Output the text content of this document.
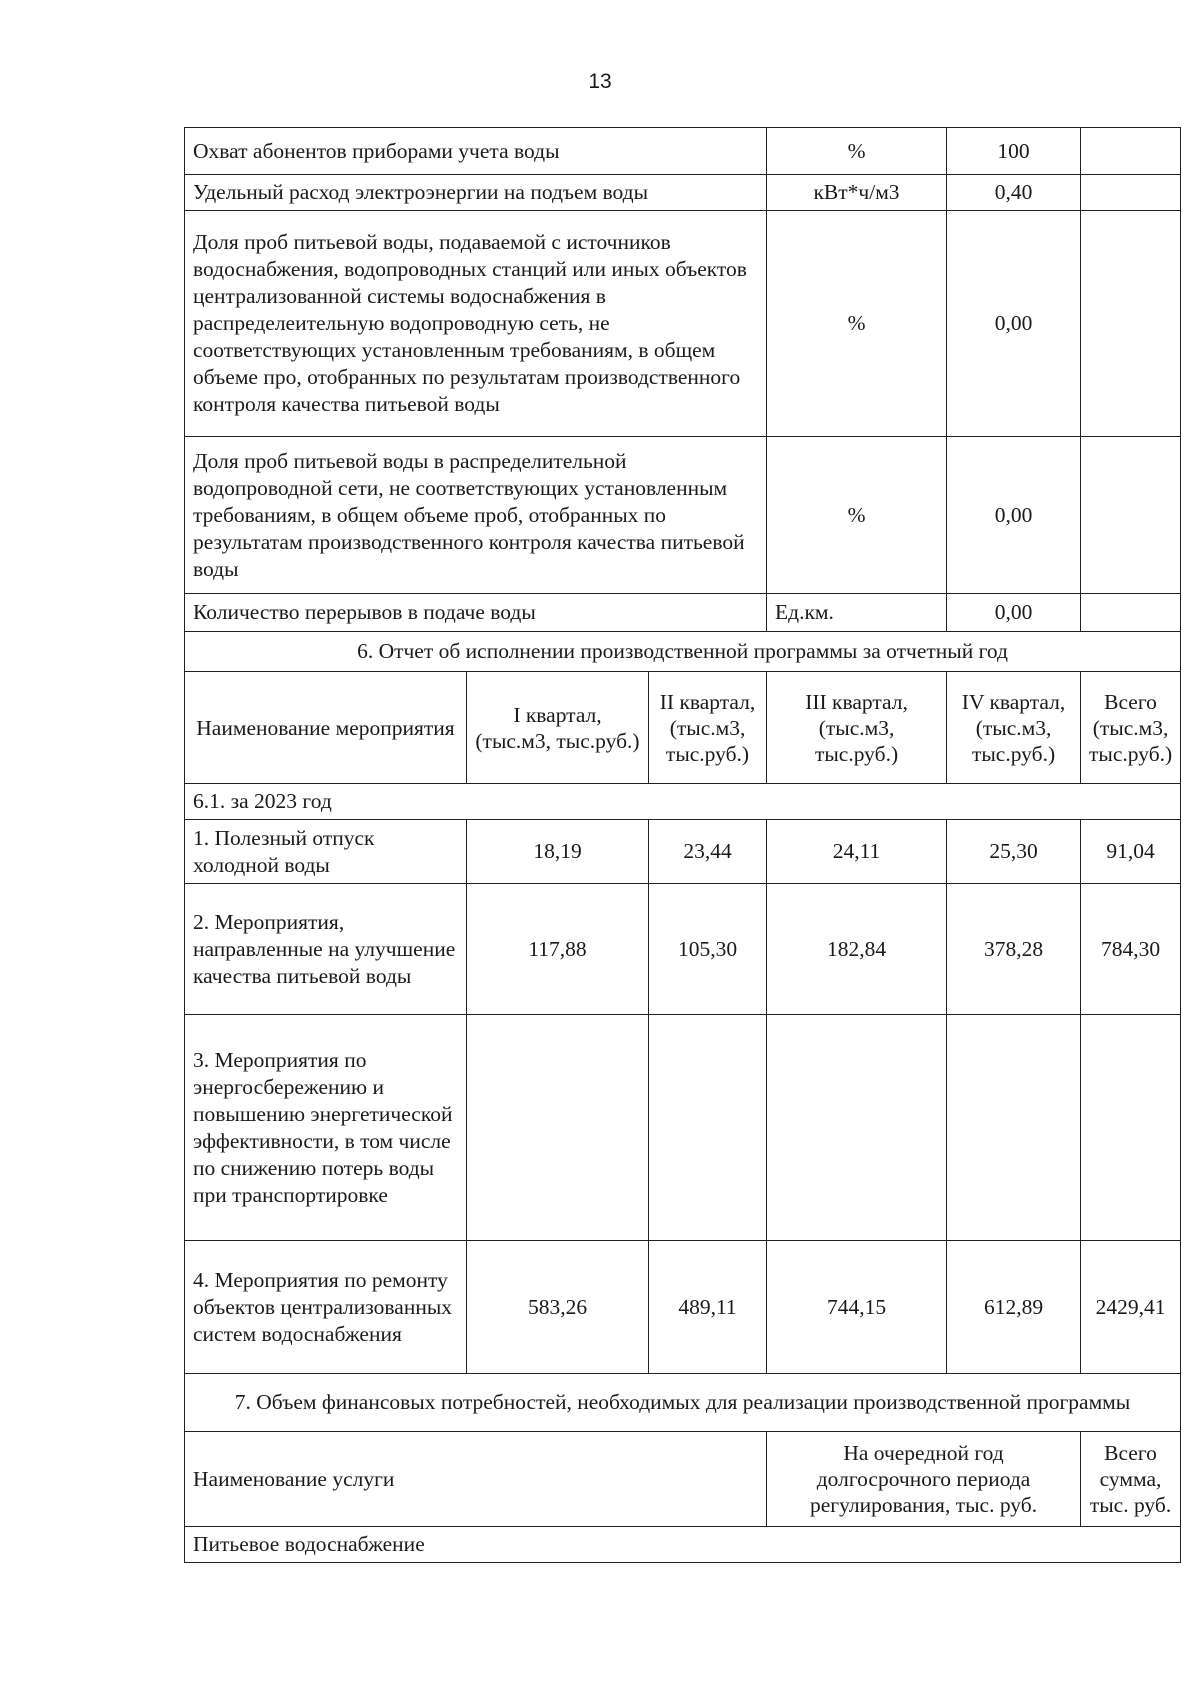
13
Охват абонентов приборами учета воды			%	100	
Удельный расход электроэнергии на подъем воды			кВт*ч/м3	0,40	
Доля проб питьевой воды, подаваемой с источников водоснабжения, водопроводных станций или иных объектов централизованной системы водоснабжения в распределеительную водопроводную сеть, не соответствующих установленным требованиям, в общем объеме про, отобранных по результатам производственного контроля качества питьевой воды			%	0,00	
Доля проб питьевой воды в распределительной водопроводной сети, не соответствующих установленным требованиям, в общем объеме проб, отобранных по результатам производственного контроля качества питьевой воды			%	0,00	
Количество перерывов в подаче воды			Ед.км.	0,00	
6. Отчет об исполнении производственной программы за отчетный год					
Наименование мероприятия	I квартал, (тыс.м3, тыс.руб.)	II квартал, (тыс.м3, тыс.руб.)	III квартал, (тыс.м3, тыс.руб.)	IV квартал, (тыс.м3, тыс.руб.)	Всего (тыс.м3, тыс.руб.)
6.1. за 2023 год					
1. Полезный отпуск холодной воды	18,19	23,44	24,11	25,30	91,04
2. Мероприятия, направленные на улучшение качества питьевой воды	117,88	105,30	182,84	378,28	784,30
3. Мероприятия по энергосбережению и повышению энергетической эффективности, в том числе по снижению потерь воды при транспортировке					
4. Мероприятия по ремонту объектов централизованных систем водоснабжения	583,26	489,11	744,15	612,89	2429,41
7. Объем финансовых потребностей, необходимых для реализации производственной программы					
Наименование услуги			На очередной год долгосрочного периода регулирования, тыс. руб.		Всего сумма, тыс. руб.
Питьевое водоснабжение					
